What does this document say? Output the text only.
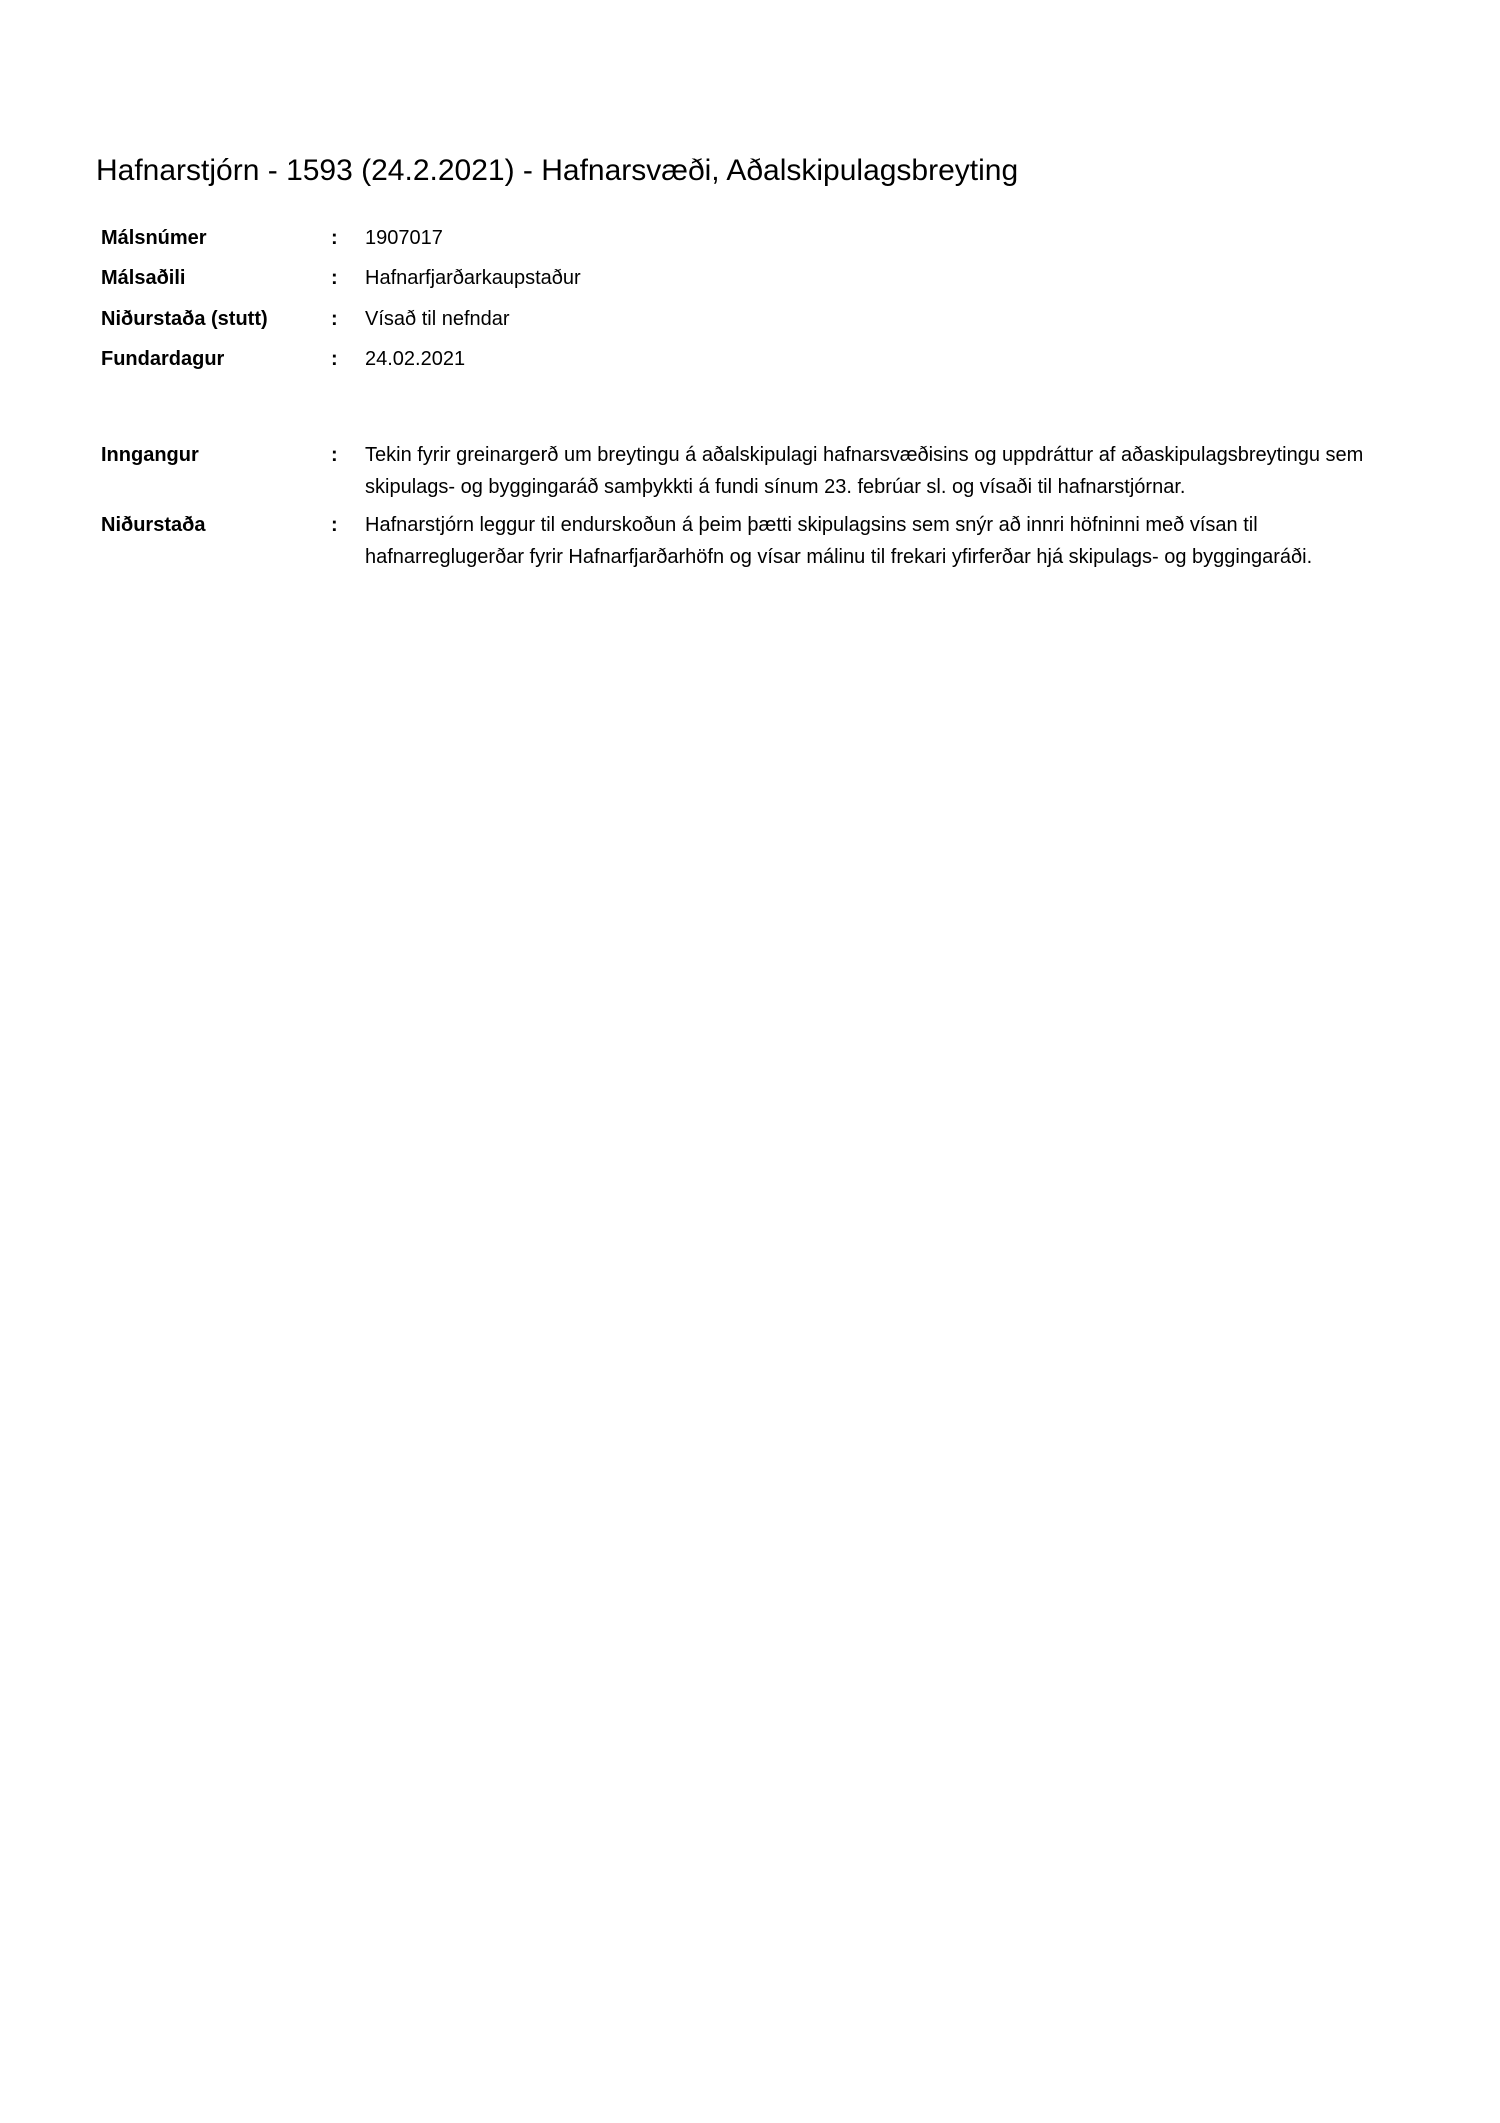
Hafnarstjórn - 1593 (24.2.2021) - Hafnarsvæði, Aðalskipulagsbreyting
Málsnúmer	: 1907017
Málsaðili	: Hafnarfjarðarkaupstaður
Niðurstaða (stutt)	: Vísað til nefndar
Fundardagur	: 24.02.2021
Inngangur	: Tekin fyrir greinargerð um breytingu á aðalskipulagi hafnarsvæðisins og uppdráttur af aðaskipulagsbreytingu sem
skipulags- og byggingaráð samþykkti á fundi sínum 23. febrúar sl. og vísaði til hafnarstjórnar.
Niðurstaða	: Hafnarstjórn leggur til endurskoðun á þeim þætti skipulagsins sem snýr að innri höfninni með vísan til
hafnarreglugerðar fyrir Hafnarfjarðarhöfn og vísar málinu til frekari yfirferðar hjá skipulags- og byggingaráði.
